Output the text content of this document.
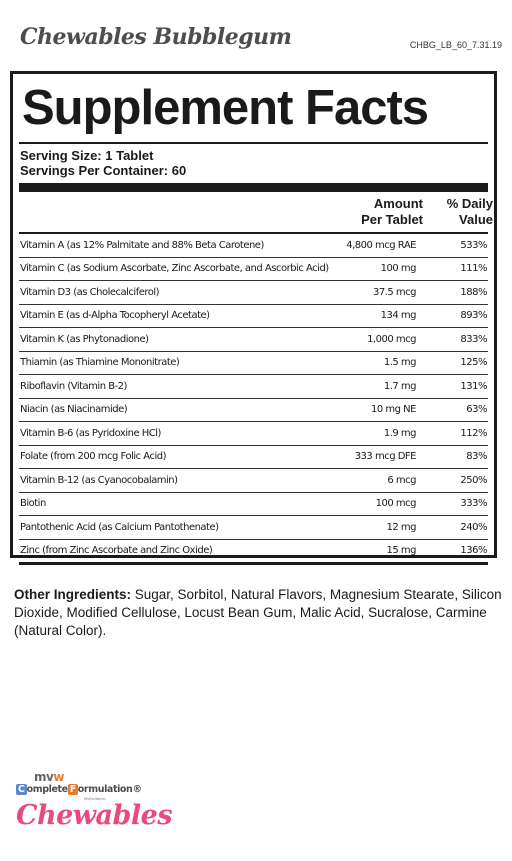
Chewables Bubblegum	CHBG_LB_60_7.31.19
Supplement Facts
Serving Size: 1 Tablet
Servings Per Container: 60
Amount
Per Tablet
% Daily
Value
Vitamin A (as 12% Palmitate and 88% Beta Carotene)	4,800 mcg RAE	533%
Vitamin C (as Sodium Ascorbate, Zinc Ascorbate, and Ascorbic Acid)	100 mg	111%
Vitamin D3 (as Cholecalciferol)	37.5 mcg	188%
Vitamin E (as d-Alpha Tocopheryl Acetate)	134 mg	893%
Vitamin K (as Phytonadione)	1,000 mcg	833%
Thiamin (as Thiamine Mononitrate)	1.5 mg	125%
Riboflavin (Vitamin B-2)	1.7 mg	131%
Niacin (as Niacinamide)	10 mg NE	63%
Vitamin B-6 (as Pyridoxine HCl)	1.9 mg	112%
Folate (from 200 mcg Folic Acid)	333 mcg DFE	83%
Vitamin B-12 (as Cyanocobalamin)	6 mcg	250%
Biotin	100 mcg	333%
Pantothenic Acid (as Calcium Pantothenate)	12 mg	240%
Zinc (from Zinc Ascorbate and Zinc Oxide)	15 mg	136%
Other Ingredients: Sugar, Sorbitol, Natural Flavors, Magnesium Stearate, Silicon Dioxide, Modified Cellulose, Locust Bean Gum, Malic Acid, Sucralose, Carmine (Natural Color).
mvw
C omplete F ormulation®
Multivitamin
Chewables
